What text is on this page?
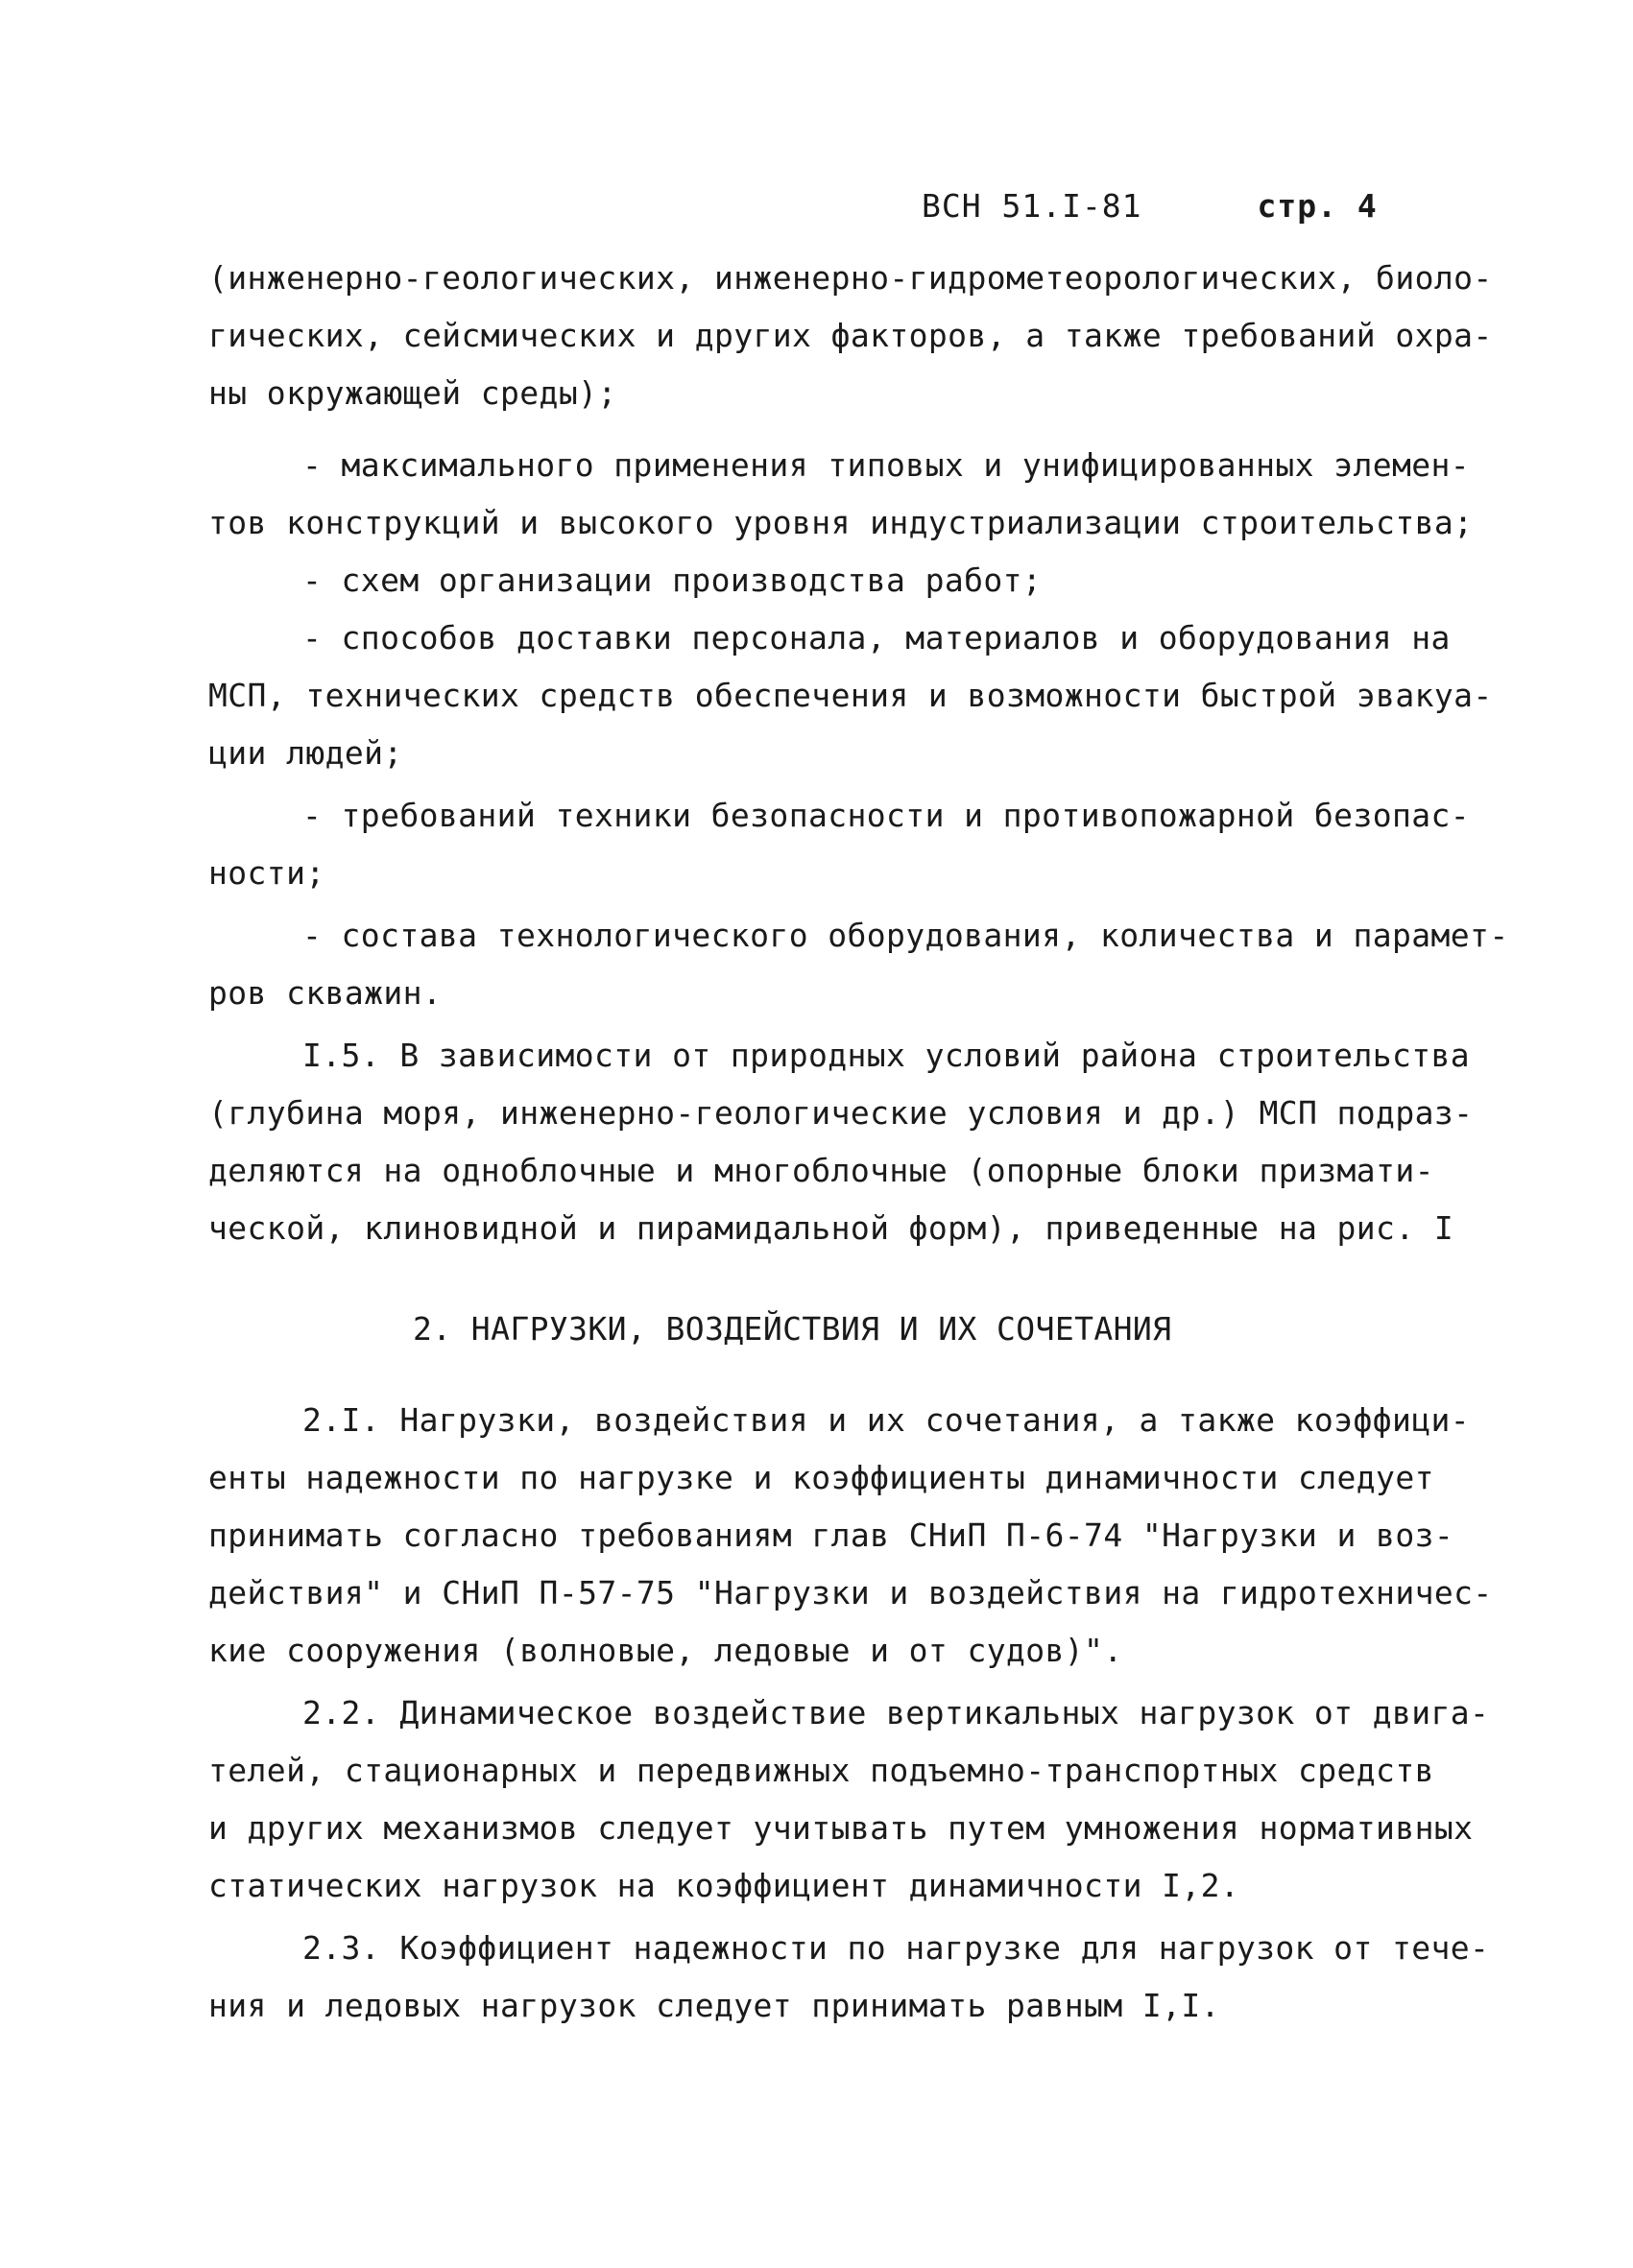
ВСН 51.I-81	стр. 4
(инженерно-геологических, инженерно-гидрометеорологических, биоло-
гических, сейсмических и других факторов, а также требований охра-
ны окружающей среды);
- максимального применения типовых и унифицированных элемен-
тов конструкций и высокого уровня индустриализации строительства;
- схем организации производства работ;
- способов доставки персонала, материалов и оборудования на
МСП, технических средств обеспечения и возможности быстрой эвакуа-
ции людей;
- требований техники безопасности и противопожарной безопас-
ности;
- состава технологического оборудования, количества и парамет-
ров скважин.
I.5. В зависимости от природных условий района строительства
(глубина моря, инженерно-геологические условия и др.) МСП подраз-
деляются на одноблочные и многоблочные (опорные блоки призмати-
ческой, клиновидной и пирамидальной форм), приведенные на рис. I
2. НАГРУЗКИ, ВОЗДЕЙСТВИЯ И ИХ СОЧЕТАНИЯ
2.I. Нагрузки, воздействия и их сочетания, а также коэффици-
енты надежности по нагрузке и коэффициенты динамичности следует
принимать согласно требованиям глав СНиП П-6-74 "Нагрузки и воз-
действия" и СНиП П-57-75 "Нагрузки и воздействия на гидротехничес-
кие сооружения (волновые, ледовые и от судов)".
2.2. Динамическое воздействие вертикальных нагрузок от двига-
телей, стационарных и передвижных подъемно-транспортных средств
и других механизмов следует учитывать путем умножения нормативных
статических нагрузок на коэффициент динамичности I,2.
2.3. Коэффициент надежности по нагрузке для нагрузок от тече-
ния и ледовых нагрузок следует принимать равным I,I.
